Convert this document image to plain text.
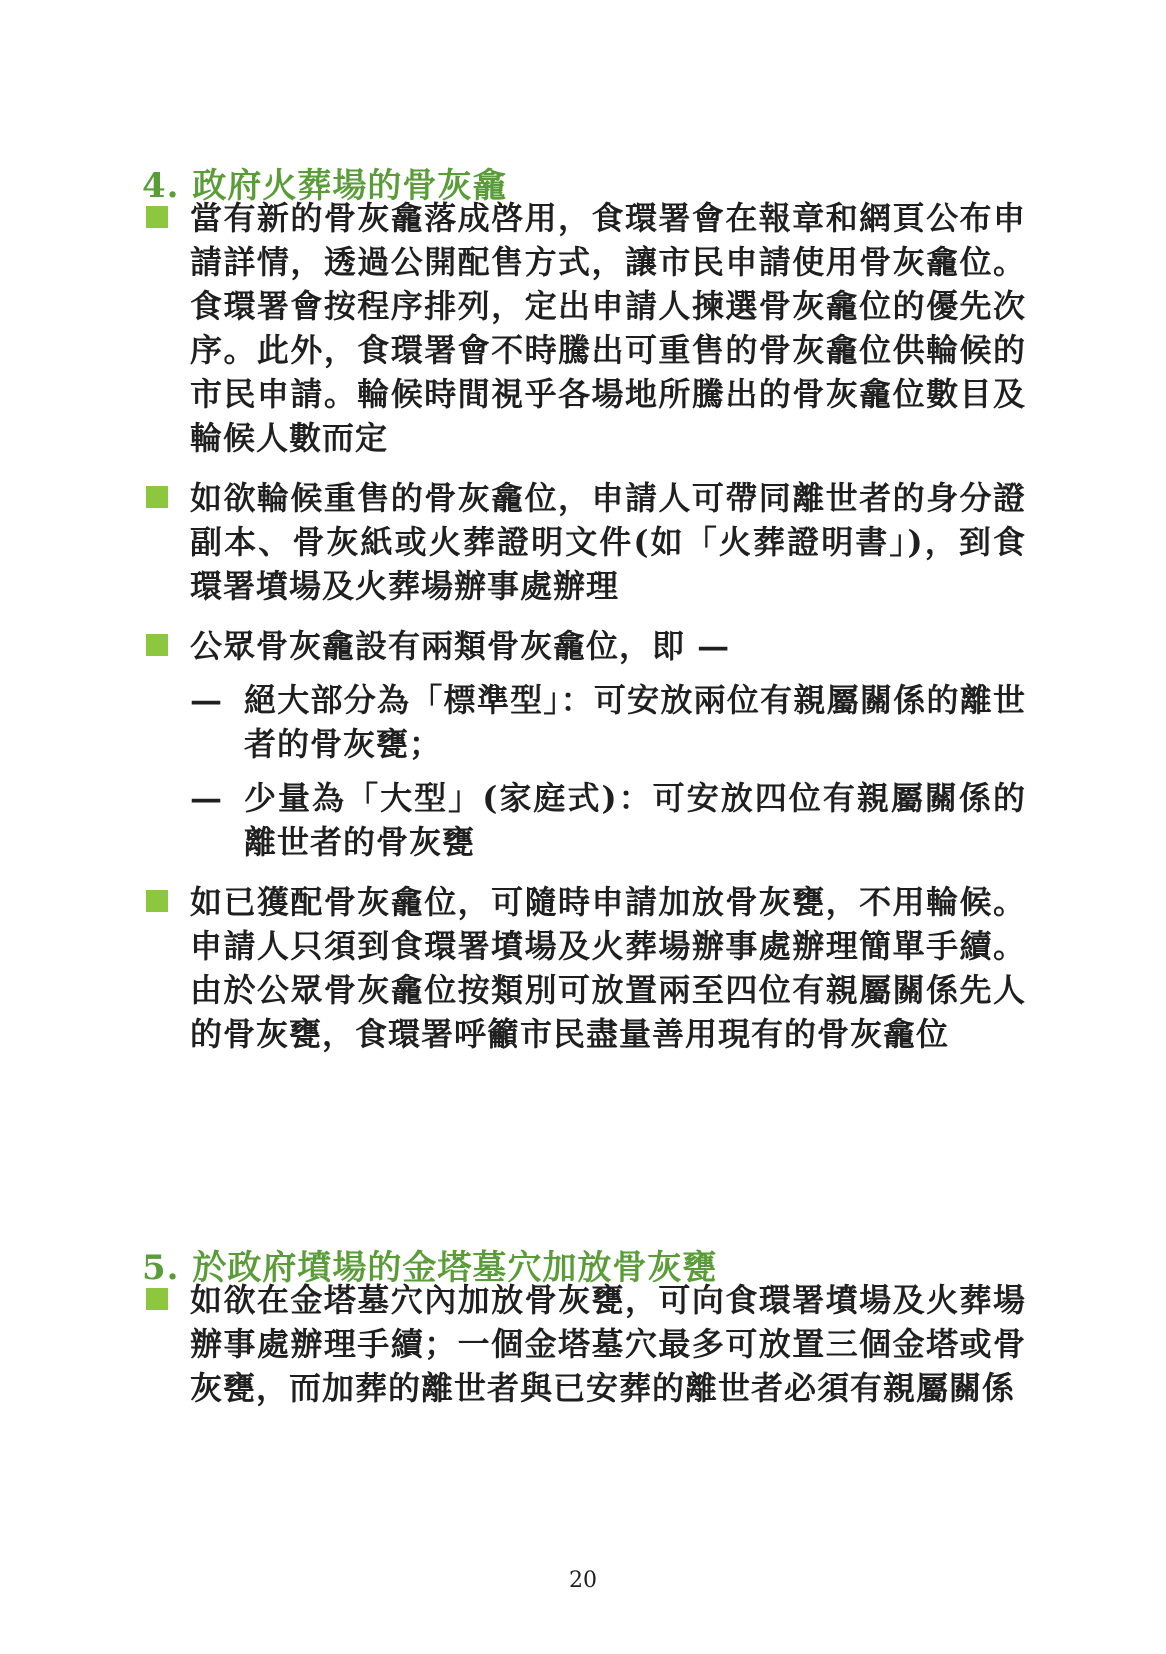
4. 政府火葬場的骨灰龕
當有新的骨灰龕落成啓用，食環署會在報章和網頁公布申請詳情，透過公開配售方式，讓市民申請使用骨灰龕位。食環署會按程序排列，定出申請人揀選骨灰龕位的優先次序。此外，食環署會不時騰出可重售的骨灰龕位供輪候的市民申請。輪候時間視乎各場地所騰出的骨灰龕位數目及輪候人數而定
如欲輪候重售的骨灰龕位，申請人可帶同離世者的身分證副本、骨灰紙或火葬證明文件(如「火葬證明書」)，到食環署墳場及火葬場辦事處辦理
公眾骨灰龕設有兩類骨灰龕位，即 —
— 絕大部分為「標準型」：可安放兩位有親屬關係的離世者的骨灰甕；
— 少量為「大型」(家庭式)：可安放四位有親屬關係的離世者的骨灰甕
如已獲配骨灰龕位，可隨時申請加放骨灰甕，不用輪候。申請人只須到食環署墳場及火葬場辦事處辦理簡單手續。由於公眾骨灰龕位按類別可放置兩至四位有親屬關係先人的骨灰甕，食環署呼籲市民盡量善用現有的骨灰龕位
5. 於政府墳場的金塔墓穴加放骨灰甕
如欲在金塔墓穴內加放骨灰甕，可向食環署墳場及火葬場辦事處辦理手續；一個金塔墓穴最多可放置三個金塔或骨灰甕，而加葬的離世者與已安葬的離世者必須有親屬關係
20
